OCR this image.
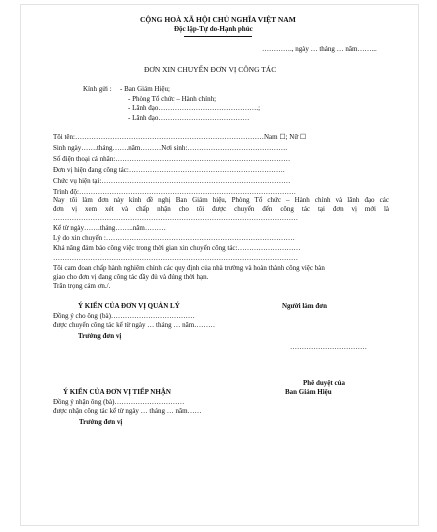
CỘNG HOÀ XÃ HỘI CHỦ NGHĨA VIỆT NAM
Độc lập-Tự do-Hạnh phúc
…………., ngày … tháng … năm……...
ĐƠN XIN CHUYỂN ĐƠN VỊ CÔNG TÁC
Kính gửi : - Ban Giám Hiệu;
- Phòng Tổ chức – Hành chính;
- Lãnh đạo…………………………………….;
- Lãnh đạo…………………………………
Tôi tên:………………………………………………………………………Nam ☐; Nữ ☐
Sinh ngày…….tháng…….năm………Nơi sinh:…………………………………….
Số điện thoại cá nhân:…………………………………………………………………
Đơn vị hiện đang công tác:………………………………………………………….
Chức vụ hiện tại:………………………………………………………………………
Trình độ:…………………………………………………………………………………
Nay tôi làm đơn này kính đề nghị Ban Giám hiệu, Phòng Tổ chức – Hành chính và lãnh đạo các
đơn vị xem xét và chấp nhận cho tôi được chuyển đến công tác tại đơn vị mới là
……………………………………………………………………………………………
Kể từ ngày…….tháng……..năm………
Lý do xin chuyển :………………………………………………………………………
Khả năng đảm bảo công việc trong thời gian xin chuyển công tác:………………………
……………………………………………………………………………………………
Tôi cam đoan chấp hành nghiêm chỉnh các quy định của nhà trường và hoàn thành công việc bàn
giao cho đơn vị đang công tác đầy đủ và đúng thời hạn.
Trân trọng cảm ơn./.
Ý KIẾN CỦA ĐƠN VỊ QUẢN LÝ	Người làm đơn
Đồng ý cho ông (bà)………………………………
được chuyển công tác kể từ ngày … tháng … năm………
Trưởng đơn vị
……………………………
Phê duyệt của
Ý KIẾN CỦA ĐƠN VỊ TIẾP NHẬN	Ban Giám Hiệu
Đồng ý nhận ông (bà)…………………………
được nhận công tác kể từ ngày … tháng … năm……
Trưởng đơn vị
